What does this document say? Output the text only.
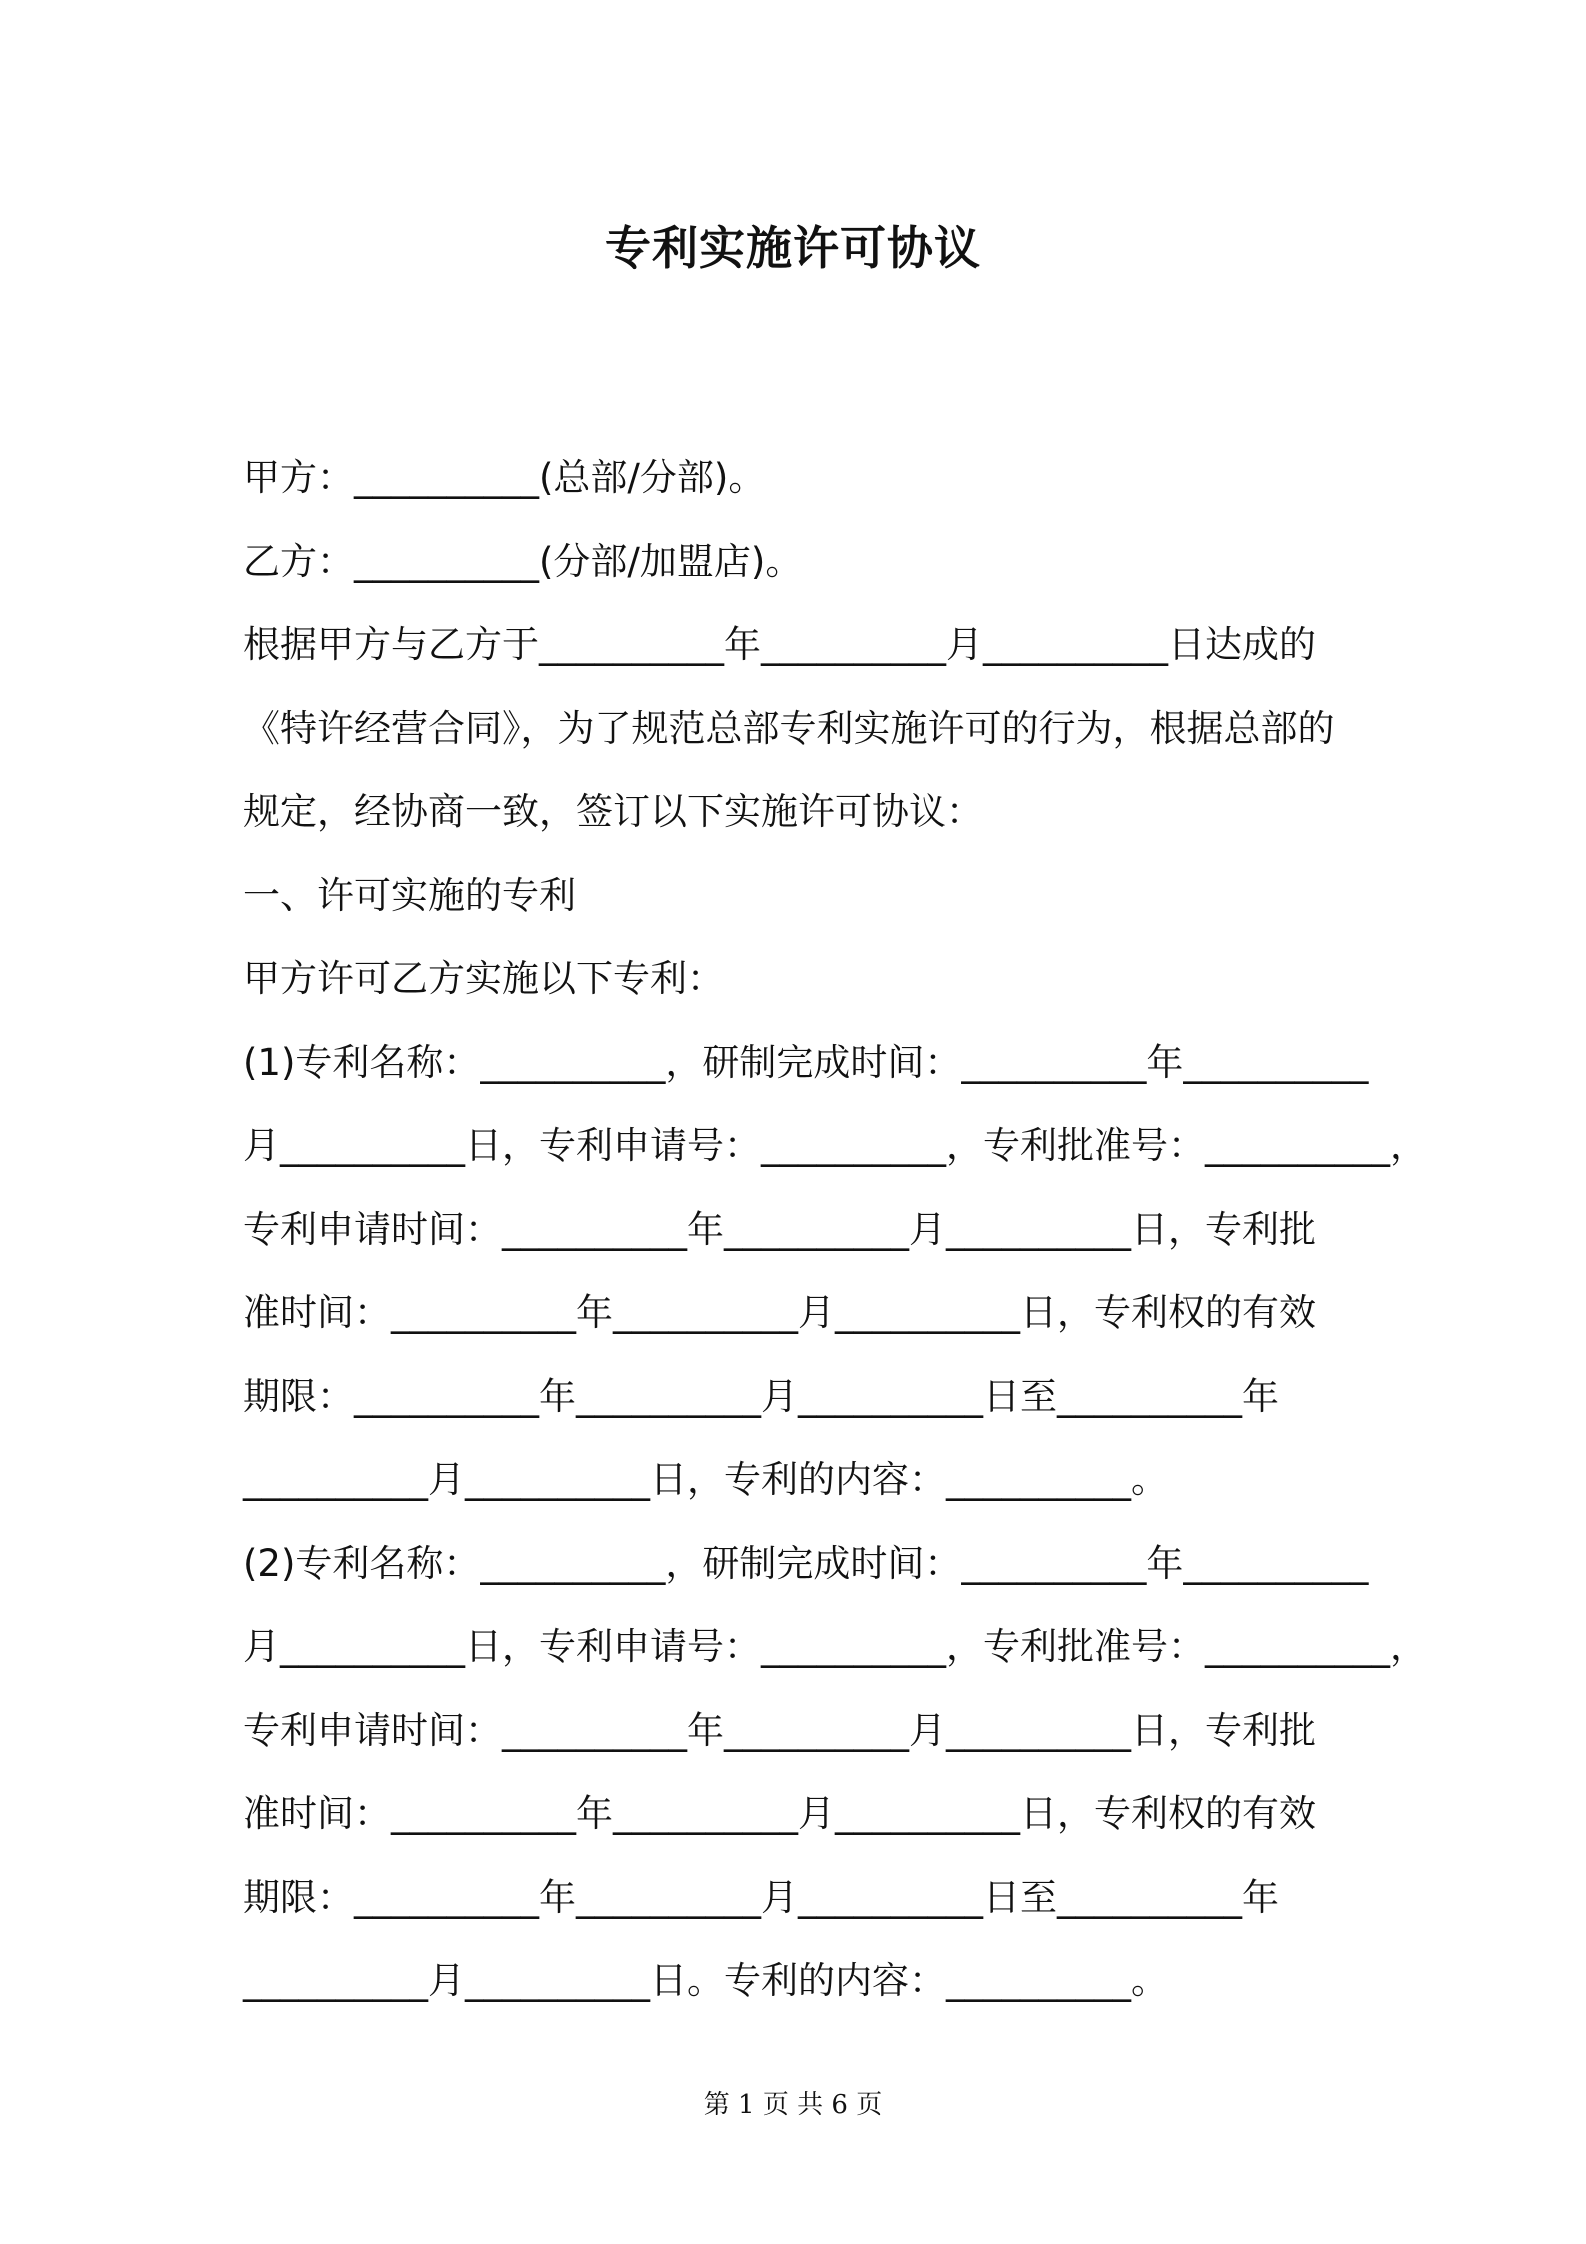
专利实施许可协议
甲方：__________(总部/分部)。
乙方：__________(分部/加盟店)。
根据甲方与乙方于__________年__________月__________日达成的
《特许经营合同》，为了规范总部专利实施许可的行为，根据总部的
规定，经协商一致，签订以下实施许可协议：
一、许可实施的专利
甲方许可乙方实施以下专利：
(1)专利名称：__________，研制完成时间：__________年__________
月__________日，专利申请号：__________，专利批准号：__________，
专利申请时间：__________年__________月__________日，专利批
准时间：__________年__________月__________日，专利权的有效
期限：__________年__________月__________日至__________年
__________月__________日，专利的内容：__________。
(2)专利名称：__________，研制完成时间：__________年__________
月__________日，专利申请号：__________，专利批准号：__________，
专利申请时间：__________年__________月__________日，专利批
准时间：__________年__________月__________日，专利权的有效
期限：__________年__________月__________日至__________年
__________月__________日。专利的内容：__________。
第 1 页 共 6 页
